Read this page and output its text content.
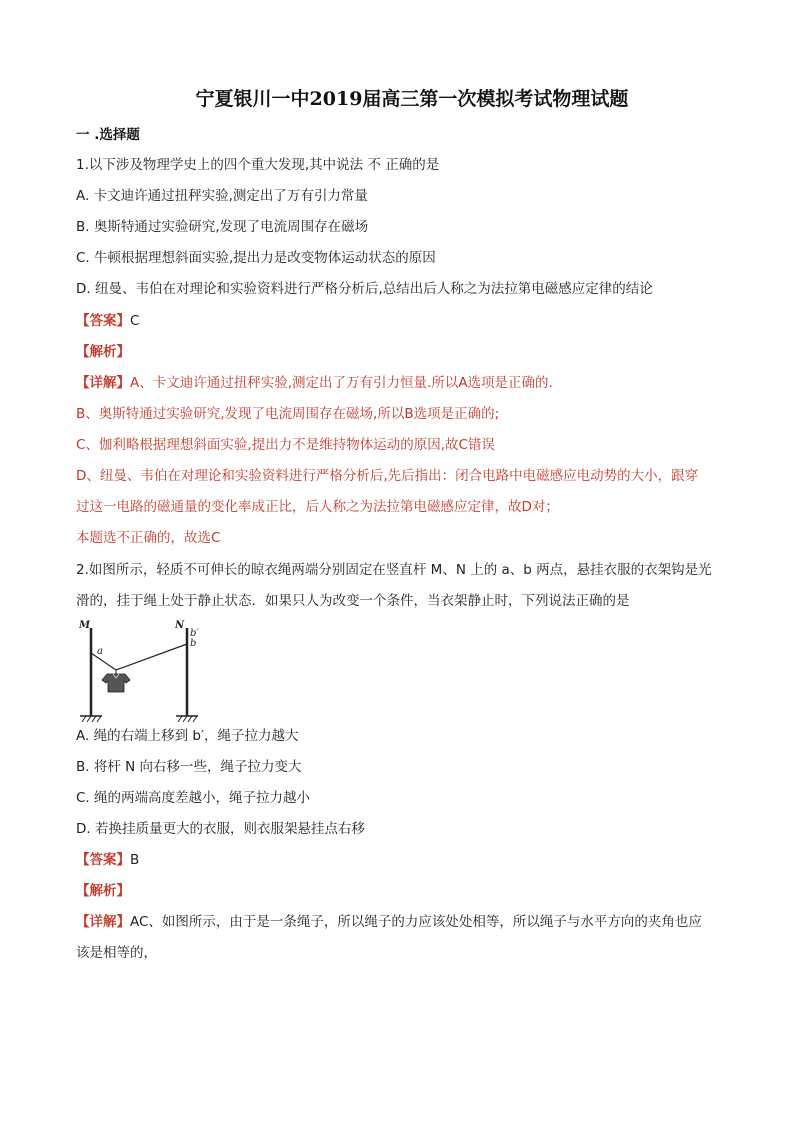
宁夏银川一中2019届高三第一次模拟考试物理试题
一 .选择题
1.以下涉及物理学史上的四个重大发现,其中说法 不 正确的是
A. 卡文迪许通过扭秤实验,测定出了万有引力常量
B. 奥斯特通过实验研究,发现了电流周围存在磁场
C. 牛顿根据理想斜面实验,提出力是改变物体运动状态的原因
D. 纽曼、韦伯在对理论和实验资料进行严格分析后,总结出后人称之为法拉第电磁感应定律的结论
【答案】C
【解析】
【详解】A、卡文迪许通过扭秤实验,测定出了万有引力恒量.所以A选项是正确的.
B、奥斯特通过实验研究,发现了电流周围存在磁场,所以B选项是正确的;
C、伽利略根据理想斜面实验,提出力不是维持物体运动的原因,故C错误
D、纽曼、韦伯在对理论和实验资料进行严格分析后,先后指出：闭合电路中电磁感应电动势的大小，跟穿
过这一电路的磁通量的变化率成正比，后人称之为法拉第电磁感应定律，故D对；
本题选不正确的，故选C
2.如图所示，轻质不可伸长的晾衣绳两端分别固定在竖直杆 M、N 上的 a、b 两点，悬挂衣服的衣架钩是光
滑的，挂于绳上处于静止状态．如果只人为改变一个条件，当衣架静止时，下列说法正确的是
M	N
a
b′
b
A. 绳的右端上移到 b′，绳子拉力越大
B. 将杆 N 向右移一些，绳子拉力变大
C. 绳的两端高度差越小，绳子拉力越小
D. 若换挂质量更大的衣服，则衣服架悬挂点右移
【答案】B
【解析】
【详解】AC、如图所示，由于是一条绳子，所以绳子的力应该处处相等，所以绳子与水平方向的夹角也应
该是相等的，
